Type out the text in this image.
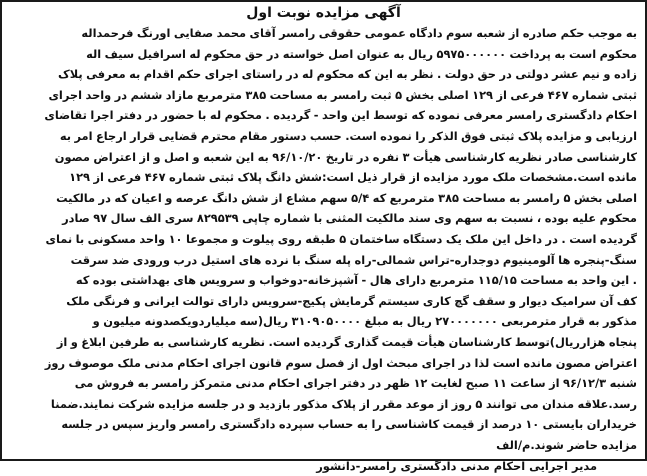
آگهی مزایده نوبت اول
به موجب حکم صادره از شعبه سوم دادگاه عمومی حقوقی رامسر آقای محمد صفایی اورنگ فرحمداله
محکوم است به پرداخت ۵۹۷۵۰۰۰۰۰۰ ریال به عنوان اصل خواسته در حق محکوم له اسرافیل سیف اله
زاده و نیم عشر دولتی در حق دولت . نظر به این که محکوم له در راستای اجرای حکم اقدام به معرفی پلاک
ثبتی شماره ۴۶۷ فرعی از ۱۲۹ اصلی بخش ۵ ثبت رامسر به مساحت ۳۸۵ مترمربع مازاد ششم در واحد اجرای
احکام دادگستری رامسر معرفی نموده که توسط این واحد - گردیده . محکوم له با حضور در دفتر اجرا تقاضای
ارزیابی و مزایده پلاک ثبتی فوق الذکر را نموده است. حسب دستور مقام محترم قضایی قرار ارجاع امر به
کارشناسی صادر نظریه کارشناسی هیأت ۳ نفره در تاریخ ۹۶/۱۰/۲۰ به این شعبه و اصل و از اعتراض مصون
مانده است.مشخصات ملک مورد مزایده از قرار ذیل است:شش دانگ پلاک ثبتی شماره ۴۶۷ فرعی از ۱۲۹
اصلی بخش ۵ رامسر به مساحت ۳۸۵ مترمربع که ۵/۴ سهم مشاع از شش دانگ عرصه و اعیان که در مالکیت
محکوم علیه بوده ، نسبت به سهم وی سند مالکیت المثنی با شماره چاپی ۸۲۹۵۳۹ سری الف سال ۹۷ صادر
گردیده است . در داخل این ملک یک دستگاه ساختمان ۵ طبقه روی پیلوت و مجموعا ۱۰ واحد مسکونی با نمای
سنگ-پنجره ها آلومینیوم دوجداره-تراس شمالی-راه پله سنگ با نرده های استیل درب ورودی ضد سرقت
. این واحد به مساحت ۱۱۵/۱۵ مترمربع دارای هال - آشپزخانه-دوخواب و سرویس های بهداشتی بوده که
کف آن سرامیک دیوار و سقف گچ کاری سیستم گرمایش پکیج-سرویس دارای توالت ایرانی و فرنگی ملک
مذکور به قرار مترمربعی ۲۷۰۰۰۰۰۰۰ ریال به مبلغ ۳۱۰۹۰۵۰۰۰۰ ریال(سه میلیاردویکصدونه میلیون و
پنجاه هزارریال)توسط کارشناسان هیأت قیمت گذاری گردیده است. نظریه کارشناسی به طرفین ابلاغ و از
اعتراض مصون مانده است لذا در اجرای مبحث اول از فصل سوم قانون اجرای احکام مدنی ملک موصوف روز
شنبه ۹۶/۱۲/۳ از ساعت ۱۱ صبح لغایت ۱۲ ظهر در دفتر اجرای احکام مدنی متمرکز رامسر به فروش می
رسد.علاقه مندان می توانند ۵ روز از موعد مقرر از پلاک مذکور بازدید و در جلسه مزایده شرکت نمایند.ضمنا
خریداران بایستی ۱۰ درصد از قیمت کاشناسی را به حساب سپرده دادگستری رامسر واریز سپس در جلسه
مزایده حاضر شوند.م/الف
مدیر اجرایی احکام مدنی دادگستری رامسر-دانشور
